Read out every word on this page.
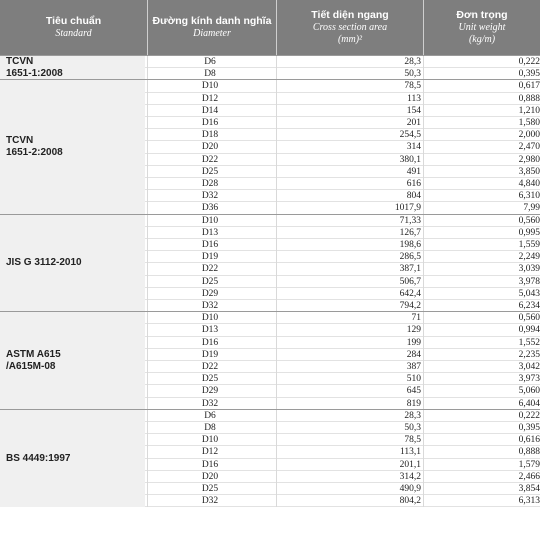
Tiêu chuẩn
Standard
Đường kính danh nghĩa
Diameter
Tiết diện ngang
Cross section area (mm)²
Đơn trọng
Unit weight (kg/m)
TCVN
1651-1:2008
D6	28,3	0,222
D8	50,3	0,395
TCVN
1651-2:2008
D10	78,5	0,617
D12	113	0,888
D14	154	1,210
D16	201	1,580
D18	254,5	2,000
D20	314	2,470
D22	380,1	2,980
D25	491	3,850
D28	616	4,840
D32	804	6,310
D36	1017,9	7,99
JIS G 3112-2010
D10	71,33	0,560
D13	126,7	0,995
D16	198,6	1,559
D19	286,5	2,249
D22	387,1	3,039
D25	506,7	3,978
D29	642,4	5,043
D32	794,2	6,234
ASTM A615
/A615M-08
D10	71	0,560
D13	129	0,994
D16	199	1,552
D19	284	2,235
D22	387	3,042
D25	510	3,973
D29	645	5,060
D32	819	6,404
BS 4449:1997
D6	28,3	0,222
D8	50,3	0,395
D10	78,5	0,616
D12	113,1	0,888
D16	201,1	1,579
D20	314,2	2,466
D25	490,9	3,854
D32	804,2	6,313
